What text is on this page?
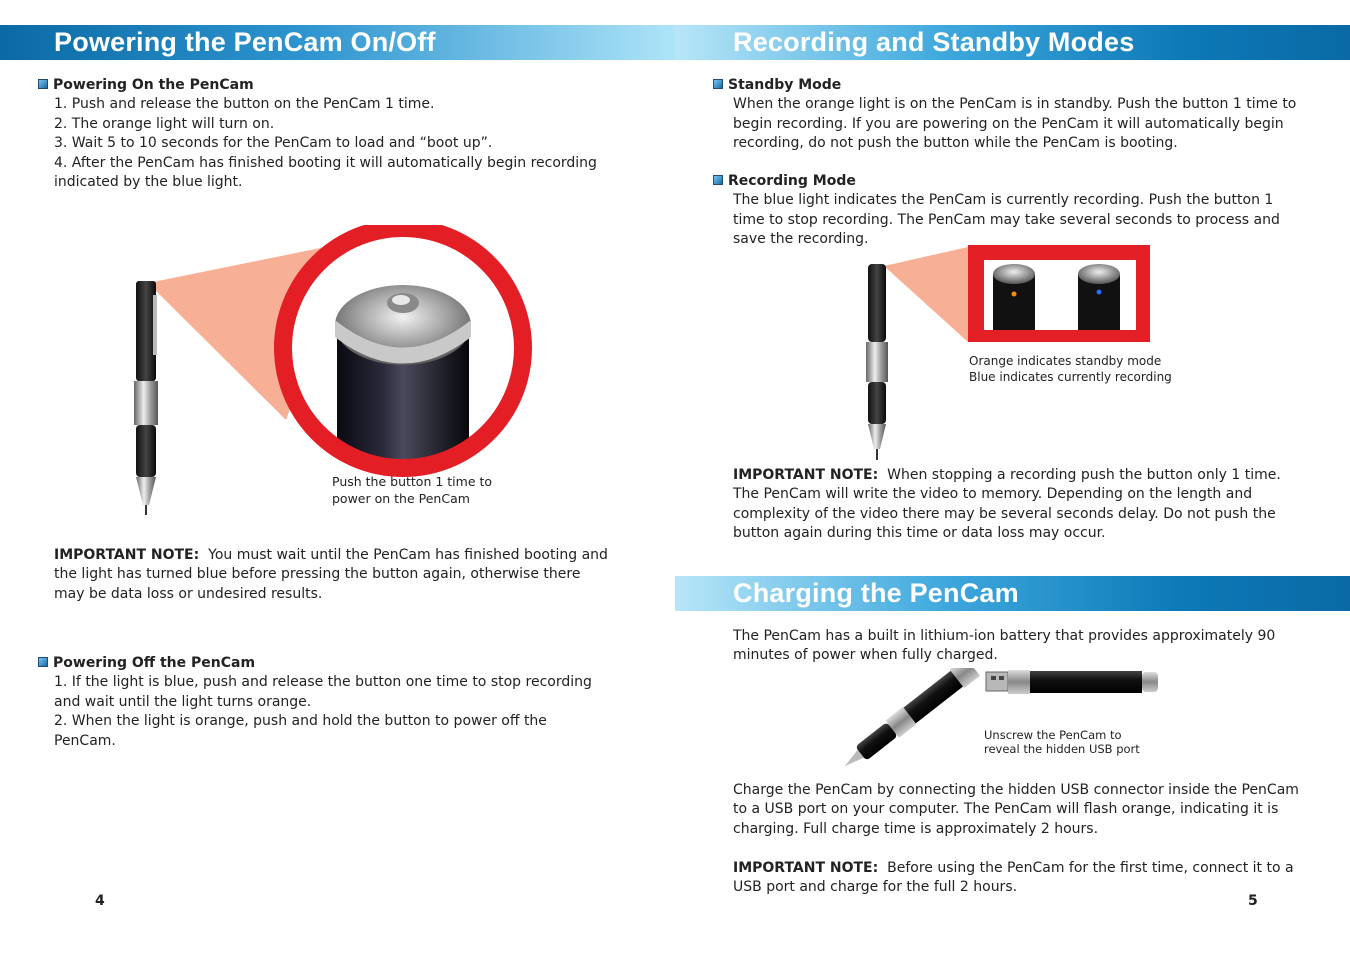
Powering the PenCam On/Off	Recording and Standby Modes
Charging the PenCam
Powering On the PenCam
1. Push and release the button on the PenCam 1 time.
2. The orange light will turn on.
3. Wait 5 to 10 seconds for the PenCam to load and “boot up”.
4. After the PenCam has finished booting it will automatically begin recording
indicated by the blue light.
Push the button 1 time to
power on the PenCam
IMPORTANT NOTE: You must wait until the PenCam has finished booting and the light has turned blue before pressing the button again, otherwise there may be data loss or undesired results.
Powering Off the PenCam
1. If the light is blue, push and release the button one time to stop recording
and wait until the light turns orange.
2. When the light is orange, push and hold the button to power off the
PenCam.
4
Standby Mode
When the orange light is on the PenCam is in standby. Push the button 1 time to begin recording. If you are powering on the PenCam it will automatically begin recording, do not push the button while the PenCam is booting.
Recording Mode
The blue light indicates the PenCam is currently recording. Push the button 1 time to stop recording. The PenCam may take several seconds to process and save the recording.
Orange indicates standby mode
Blue indicates currently recording
IMPORTANT NOTE: When stopping a recording push the button only 1 time. The PenCam will write the video to memory. Depending on the length and complexity of the video there may be several seconds delay. Do not push the button again during this time or data loss may occur.
The PenCam has a built in lithium-ion battery that provides approximately 90 minutes of power when fully charged.
Unscrew the PenCam to
reveal the hidden USB port
Charge the PenCam by connecting the hidden USB connector inside the PenCam to a USB port on your computer. The PenCam will flash orange, indicating it is charging. Full charge time is approximately 2 hours.
IMPORTANT NOTE: Before using the PenCam for the first time, connect it to a USB port and charge for the full 2 hours.
5
